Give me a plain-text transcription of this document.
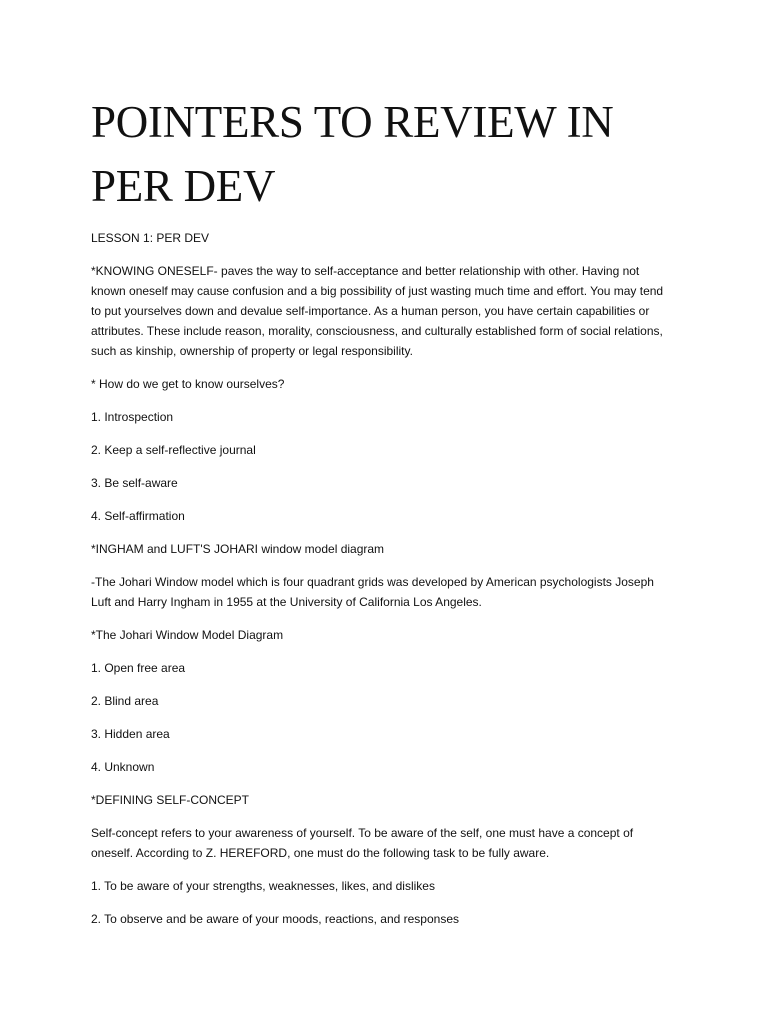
POINTERS TO REVIEW IN PER DEV

LESSON 1: PER DEV

*KNOWING ONESELF- paves the way to self-acceptance and better relationship with other. Having not known oneself may cause confusion and a big possibility of just wasting much time and effort. You may tend to put yourselves down and devalue self-importance. As a human person, you have certain capabilities or attributes. These include reason, morality, consciousness, and culturally established form of social relations, such as kinship, ownership of property or legal responsibility.

* How do we get to know ourselves?

1. Introspection

2. Keep a self-reflective journal

3. Be self-aware

4. Self-affirmation

*INGHAM and LUFT'S JOHARI window model diagram

-The Johari Window model which is four quadrant grids was developed by American psychologists Joseph Luft and Harry Ingham in 1955 at the University of California Los Angeles.

*The Johari Window Model Diagram

1. Open free area

2. Blind area

3. Hidden area

4. Unknown

*DEFINING SELF-CONCEPT

Self-concept refers to your awareness of yourself. To be aware of the self, one must have a concept of oneself. According to Z. HEREFORD, one must do the following task to be fully aware.

1. To be aware of your strengths, weaknesses, likes, and dislikes

2. To observe and be aware of your moods, reactions, and responses
